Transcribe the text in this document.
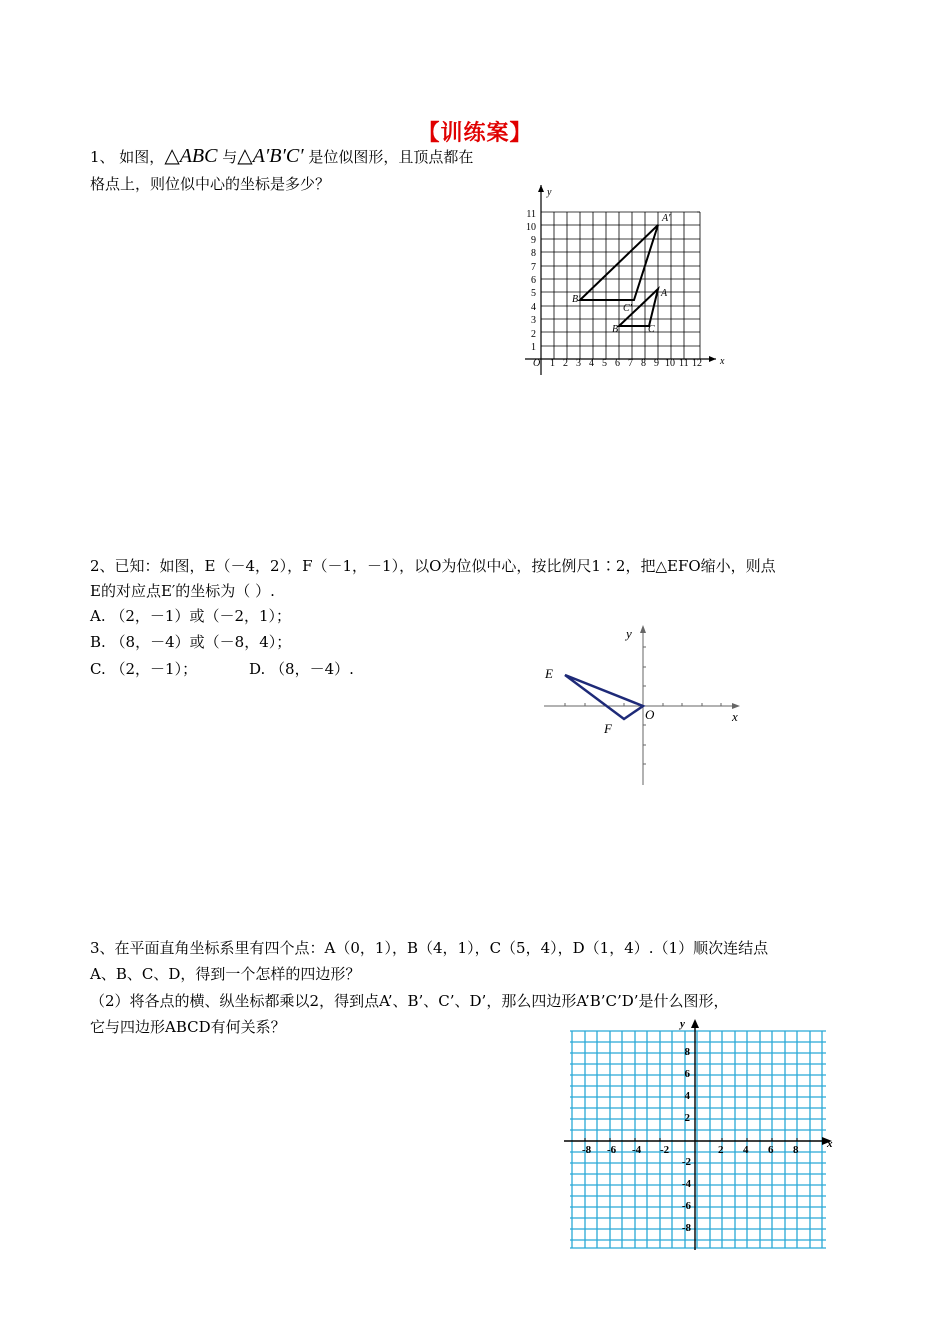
【训练案】
1、 如图，△ABC 与△A′B′C′ 是位似图形，且顶点都在
格点上，则位似中心的坐标是多少？
x
y
O 1 2 3 4 5 6 7 8 9 10 11 12
1
2
3
4
5
6
7
8
9
10
11	A′
B′
C′
A
B	C
2、已知：如图，E（－4，2），F（－1，－1），以O为位似中心，按比例尺1∶2，把△EFO缩小，则点
E的对应点E′的坐标为（ ）.
A. （2，－1）或（－2，1）；
B. （8，－4）或（－8，4）；
C. （2，－1）；	D. （8，－4）.
x
y
O
E
F
3、在平面直角坐标系里有四个点：A（0，1），B（4，1），C（5，4），D（1，4）.（1）顺次连结点
A、B、C、D，得到一个怎样的四边形？
（2）将各点的横、纵坐标都乘以2，得到点A’、B’、C’、D’，那么四边形A’B’C’D’是什么图形，
它与四边形ABCD有何关系？
x
y
-8 -6 -4 -2	2 4 6 8
8
6
4
2
-2
-4
-6
-8
